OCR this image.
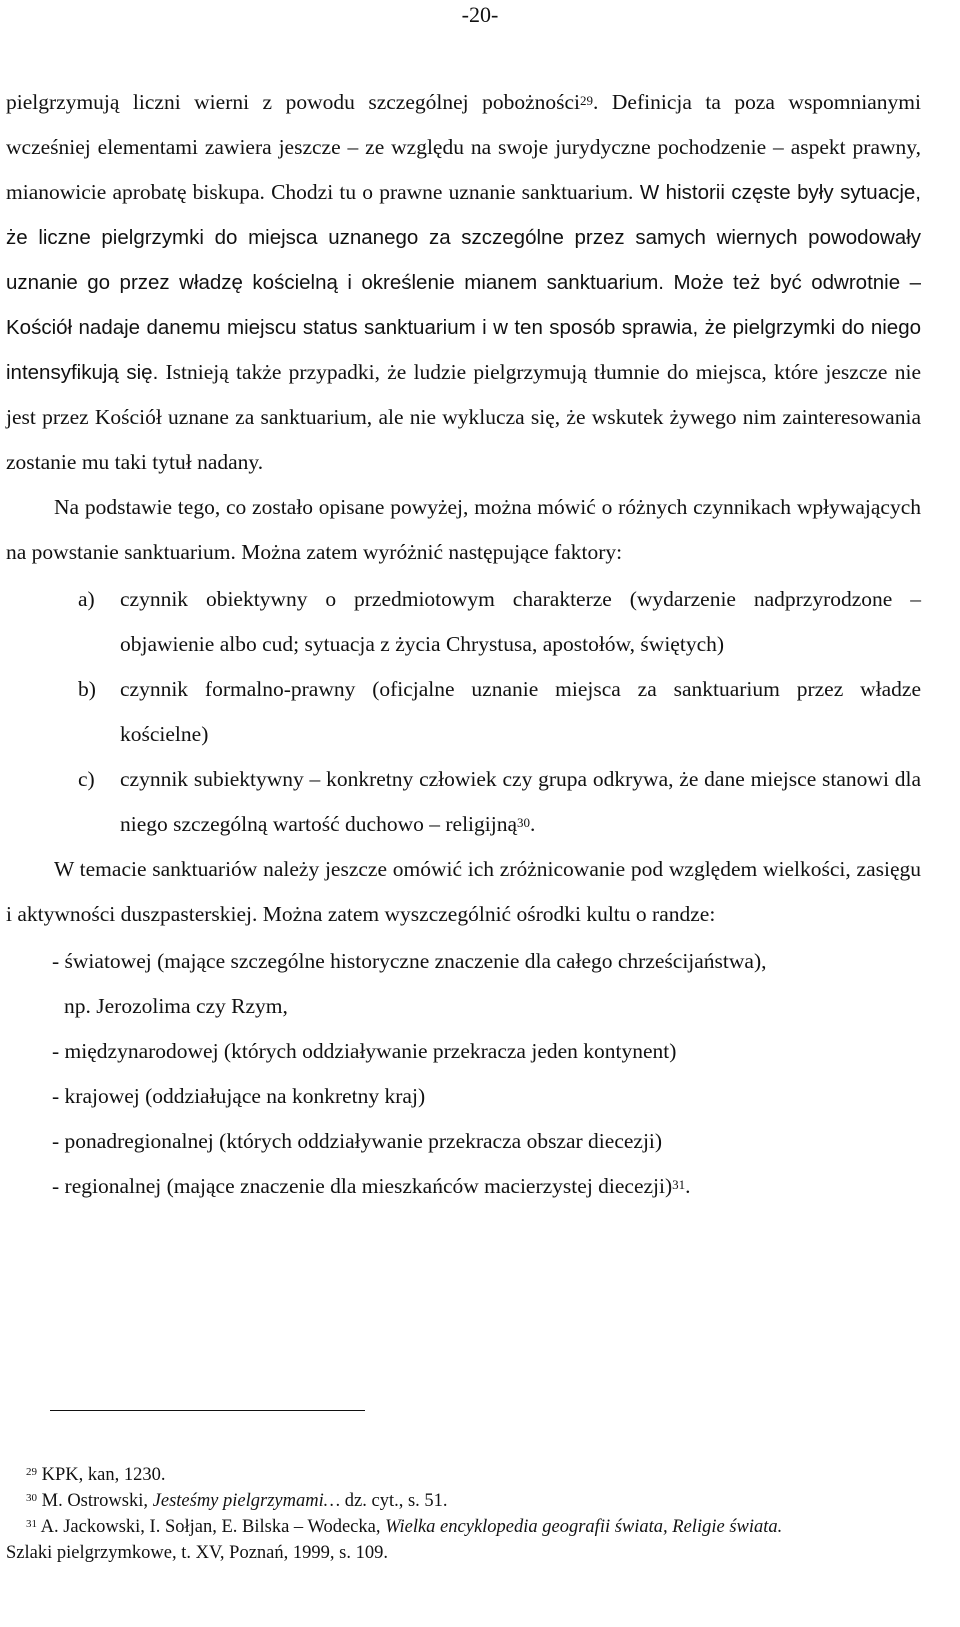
-20-

pielgrzymują liczni wierni z powodu szczególnej pobożności$^{29}$. Definicja ta poza wspomnianymi wcześniej elementami zawiera jeszcze – ze względu na swoje jurydyczne pochodzenie – aspekt prawny, mianowicie aprobatę biskupa. Chodzi tu o prawne uznanie sanktuarium. W historii częste były sytuacje, że liczne pielgrzymki do miejsca uznanego za szczególne przez samych wiernych powodowały uznanie go przez władzę kościelną i określenie mianem sanktuarium. Może też być odwrotnie – Kościół nadaje danemu miejscu status sanktuarium i w ten sposób sprawia, że pielgrzymki do niego intensyfikują się. Istnieją także przypadki, że ludzie pielgrzymują tłumnie do miejsca, które jeszcze nie jest przez Kościół uznane za sanktuarium, ale nie wyklucza się, że wskutek żywego nim zainteresowania zostanie mu taki tytuł nadany.

Na podstawie tego, co zostało opisane powyżej, można mówić o różnych czynnikach wpływających na powstanie sanktuarium. Można zatem wyróżnić następujące faktory:

a) czynnik obiektywny o przedmiotowym charakterze (wydarzenie nadprzyrodzone – objawienie albo cud; sytuacja z życia Chrystusa, apostołów, świętych)
b) czynnik formalno-prawny (oficjalne uznanie miejsca za sanktuarium przez władze kościelne)
c) czynnik subiektywny – konkretny człowiek czy grupa odkrywa, że dane miejsce stanowi dla niego szczególną wartość duchowo – religijną$^{30}$.

W temacie sanktuariów należy jeszcze omówić ich zróżnicowanie pod względem wielkości, zasięgu i aktywności duszpasterskiej. Można zatem wyszczególnić ośrodki kultu o randze:

- światowej (mające szczególne historyczne znaczenie dla całego chrześcijaństwa),
np. Jerozolima czy Rzym,
- międzynarodowej (których oddziaływanie przekracza jeden kontynent)
- krajowej (oddziałujące na konkretny kraj)
- ponadregionalnej (których oddziaływanie przekracza obszar diecezji)
- regionalnej (mające znaczenie dla mieszkańców macierzystej diecezji)$^{31}$.
$^{29}$ KPK, kan, 1230.
$^{30}$ M. Ostrowski, Jesteśmy pielgrzymami… dz. cyt., s. 51.
$^{31}$ A. Jackowski, I. Sołjan, E. Bilska – Wodecka, Wielka encyklopedia geografii świata, Religie świata.
Szlaki pielgrzymkowe, t. XV, Poznań, 1999, s. 109.
